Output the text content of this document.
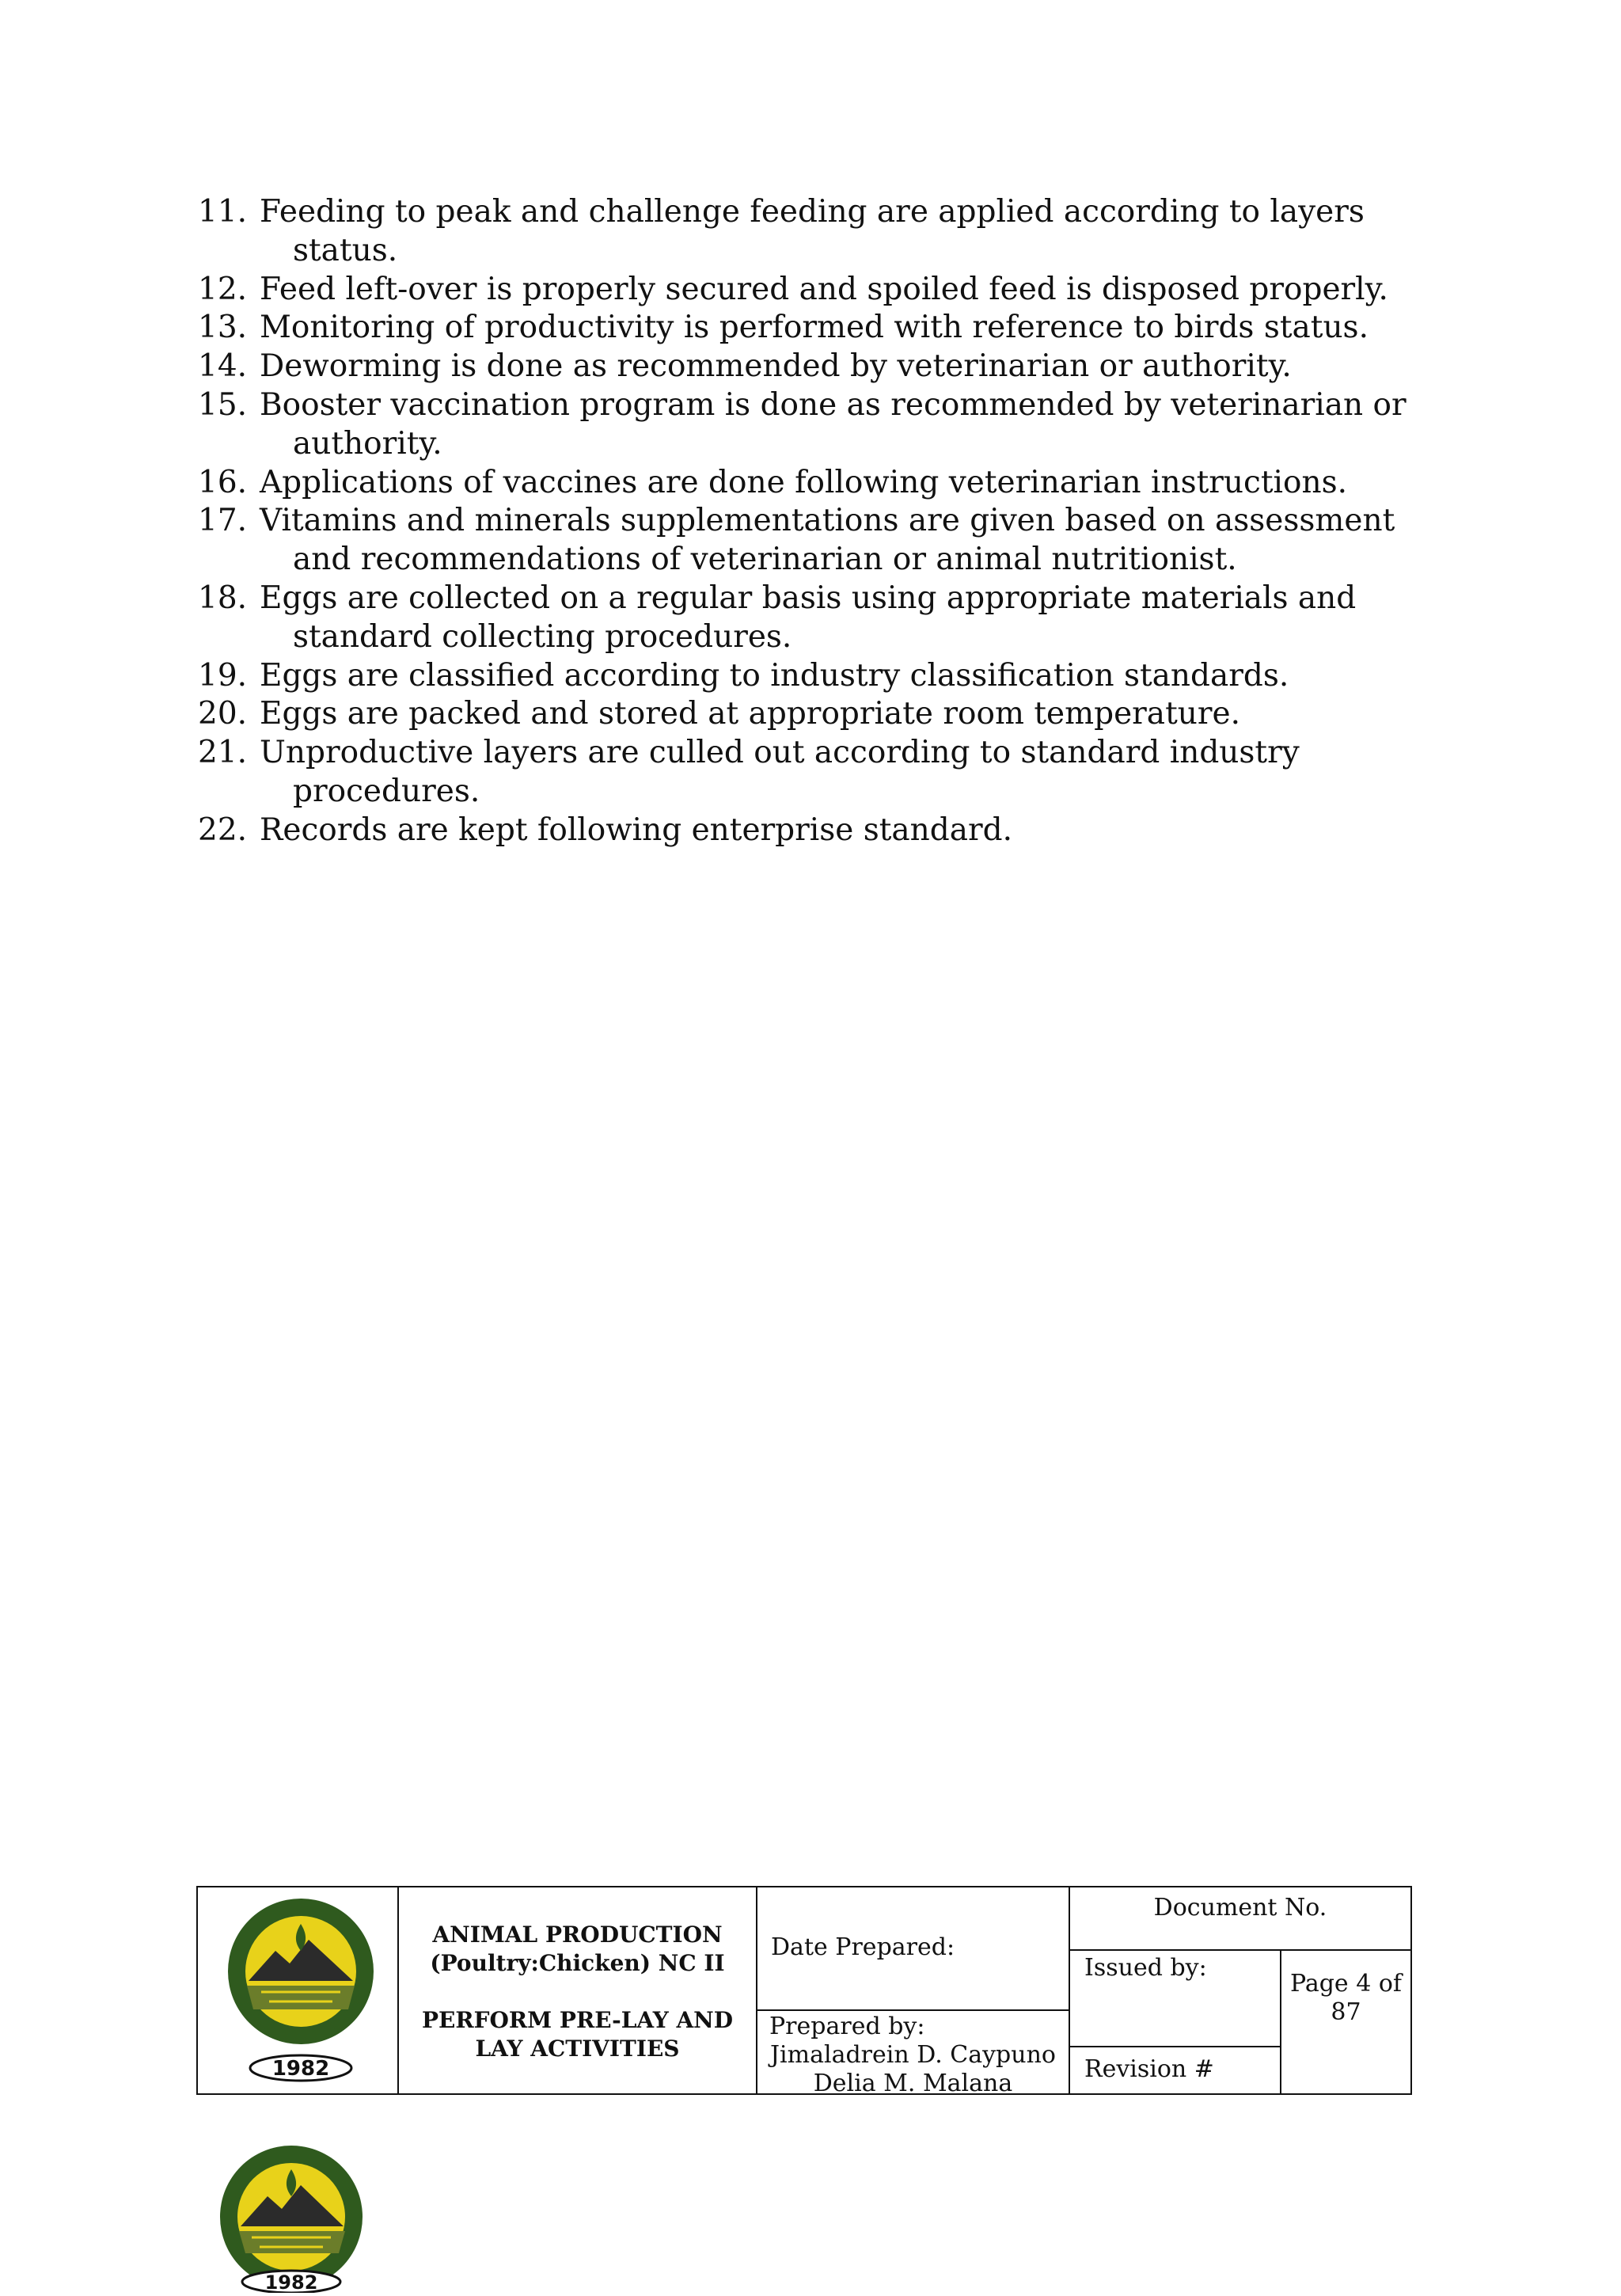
11. Feeding to peak and challenge feeding are applied according to layers
status.
12. Feed left-over is properly secured and spoiled feed is disposed properly.
13. Monitoring of productivity is performed with reference to birds status.
14. Deworming is done as recommended by veterinarian or authority.
15. Booster vaccination program is done as recommended by veterinarian or
authority.
16. Applications of vaccines are done following veterinarian instructions.
17. Vitamins and minerals supplementations are given based on assessment
and recommendations of veterinarian or animal nutritionist.
18. Eggs are collected on a regular basis using appropriate materials and
standard collecting procedures.
19. Eggs are classified according to industry classification standards.
20. Eggs are packed and stored at appropriate room temperature.
21. Unproductive layers are culled out according to standard industry
procedures.
22. Records are kept following enterprise standard.
1982
ANIMAL PRODUCTION
(Poultry:Chicken) NC II
PERFORM PRE-LAY AND
LAY ACTIVITIES
Date Prepared:
Prepared by:
Jimaladrein D. Caypuno
Delia M. Malana
Document No.
Issued by:
Revision #
Page 4 of
87
1982
